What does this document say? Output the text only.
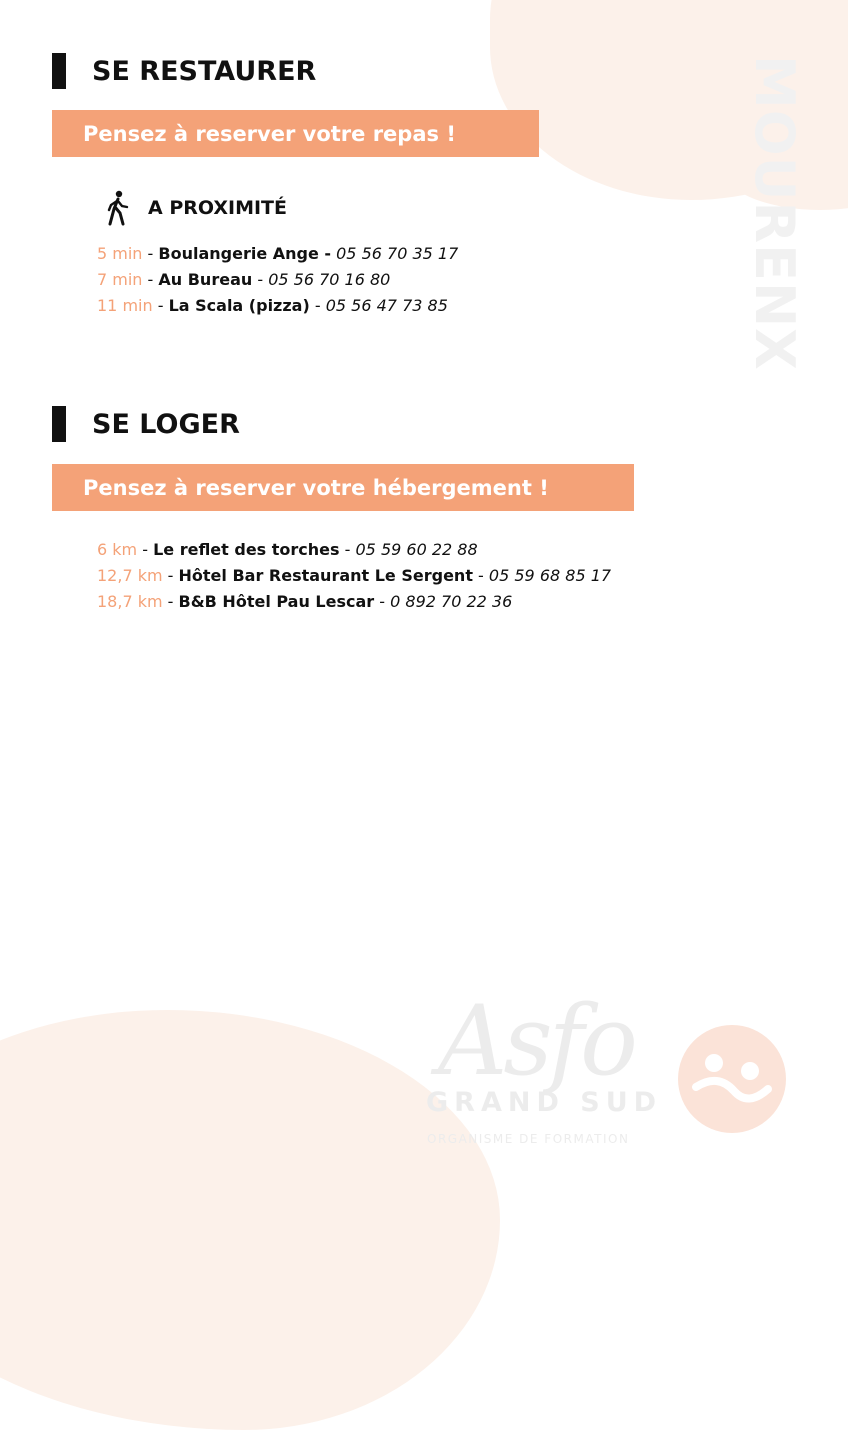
MOURENX
SE RESTAURER
Pensez à reserver votre repas !
A PROXIMITÉ
5 min - Boulangerie Ange - 05 56 70 35 17
7 min - Au Bureau - 05 56 70 16 80
11 min - La Scala (pizza) - 05 56 47 73 85
SE LOGER
Pensez à reserver votre hébergement !
6 km - Le reflet des torches - 05 59 60 22 88
12,7 km - Hôtel Bar Restaurant Le Sergent - 05 59 68 85 17
18,7 km - B&B Hôtel Pau Lescar - 0 892 70 22 36
Asfo
GRAND SUD
ORGANISME DE FORMATION
